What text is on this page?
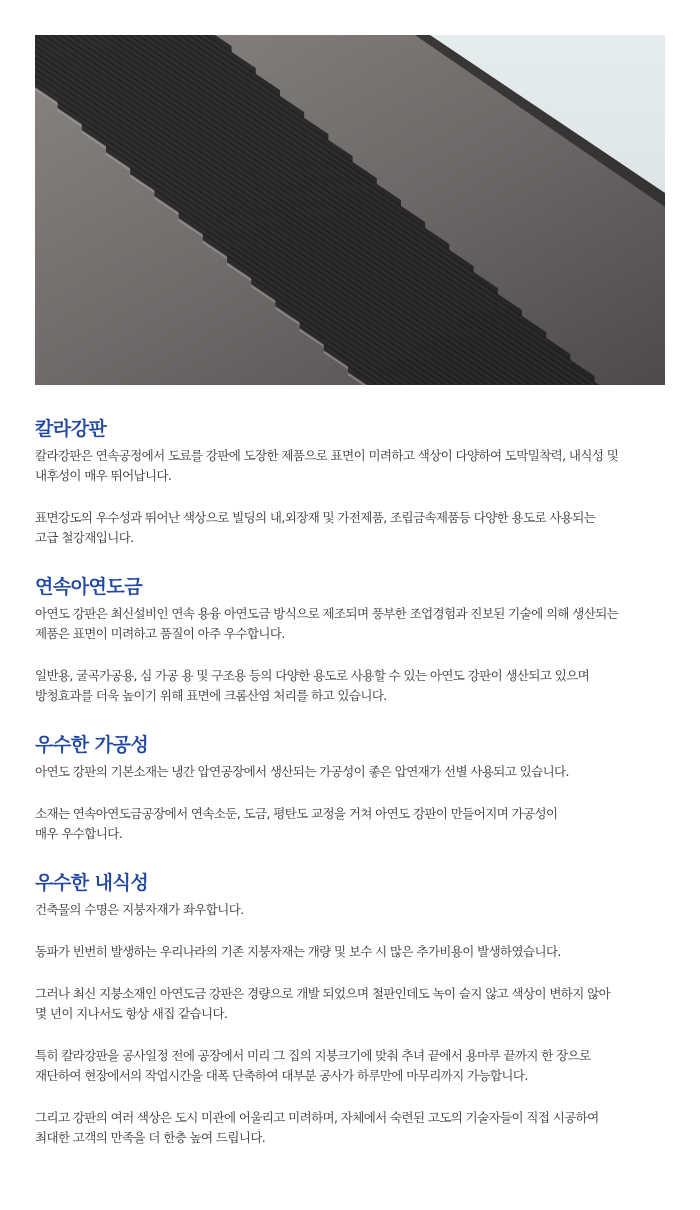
칼라강판
칼라강판은 연속공정에서 도료를 강판에 도장한 제품으로 표면이 미려하고 색상이 다양하여 도막밀착력, 내식성 및
내후성이 매우 뛰어납니다.
표면강도의 우수성과 뛰어난 색상으로 빌딩의 내,외장재 및 가전제품, 조립금속제품등 다양한 용도로 사용되는
고급 철강재입니다.
연속아연도금
아연도 강판은 최신설비인 연속 용융 아연도금 방식으로 제조되며 풍부한 조업경험과 진보된 기술에 의해 생산되는
제품은 표면이 미려하고 품질이 아주 우수합니다.
일반용, 굴곡가공용, 심 가공 용 및 구조용 등의 다양한 용도로 사용할 수 있는 아연도 강판이 생산되고 있으며
방청효과를 더욱 높이기 위해 표면에 크롬산염 처리를 하고 있습니다.
우수한 가공성
아연도 강판의 기본소재는 냉간 압연공장에서 생산되는 가공성이 좋은 압연재가 선별 사용되고 있습니다.
소재는 연속아연도금공장에서 연속소둔, 도금, 평탄도 교정을 거쳐 아연도 강판이 만들어지며 가공성이
매우 우수합니다.
우수한 내식성
건축물의 수명은 지붕자재가 좌우합니다.
동파가 빈번히 발생하는 우리나라의 기존 지붕자재는 개량 및 보수 시 많은 추가비용이 발생하였습니다.
그러나 최신 지붕소재인 아연도금 강판은 경량으로 개발 되었으며 철판인데도 녹이 슬지 않고 색상이 변하지 않아
몇 년이 지나서도 항상 새집 같습니다.
특히 칼라강판을 공사일정 전에 공장에서 미리 그 집의 지붕크기에 맞춰 추녀 끝에서 용마루 끝까지 한 장으로
재단하여 현장에서의 작업시간을 대폭 단축하여 대부분 공사가 하루만에 마무리까지 가능합니다.
그리고 강판의 여러 색상은 도시 미관에 어울리고 미려하며, 자체에서 숙련된 고도의 기술자들이 직접 시공하여
최대한 고객의 만족을 더 한층 높여 드립니다.
